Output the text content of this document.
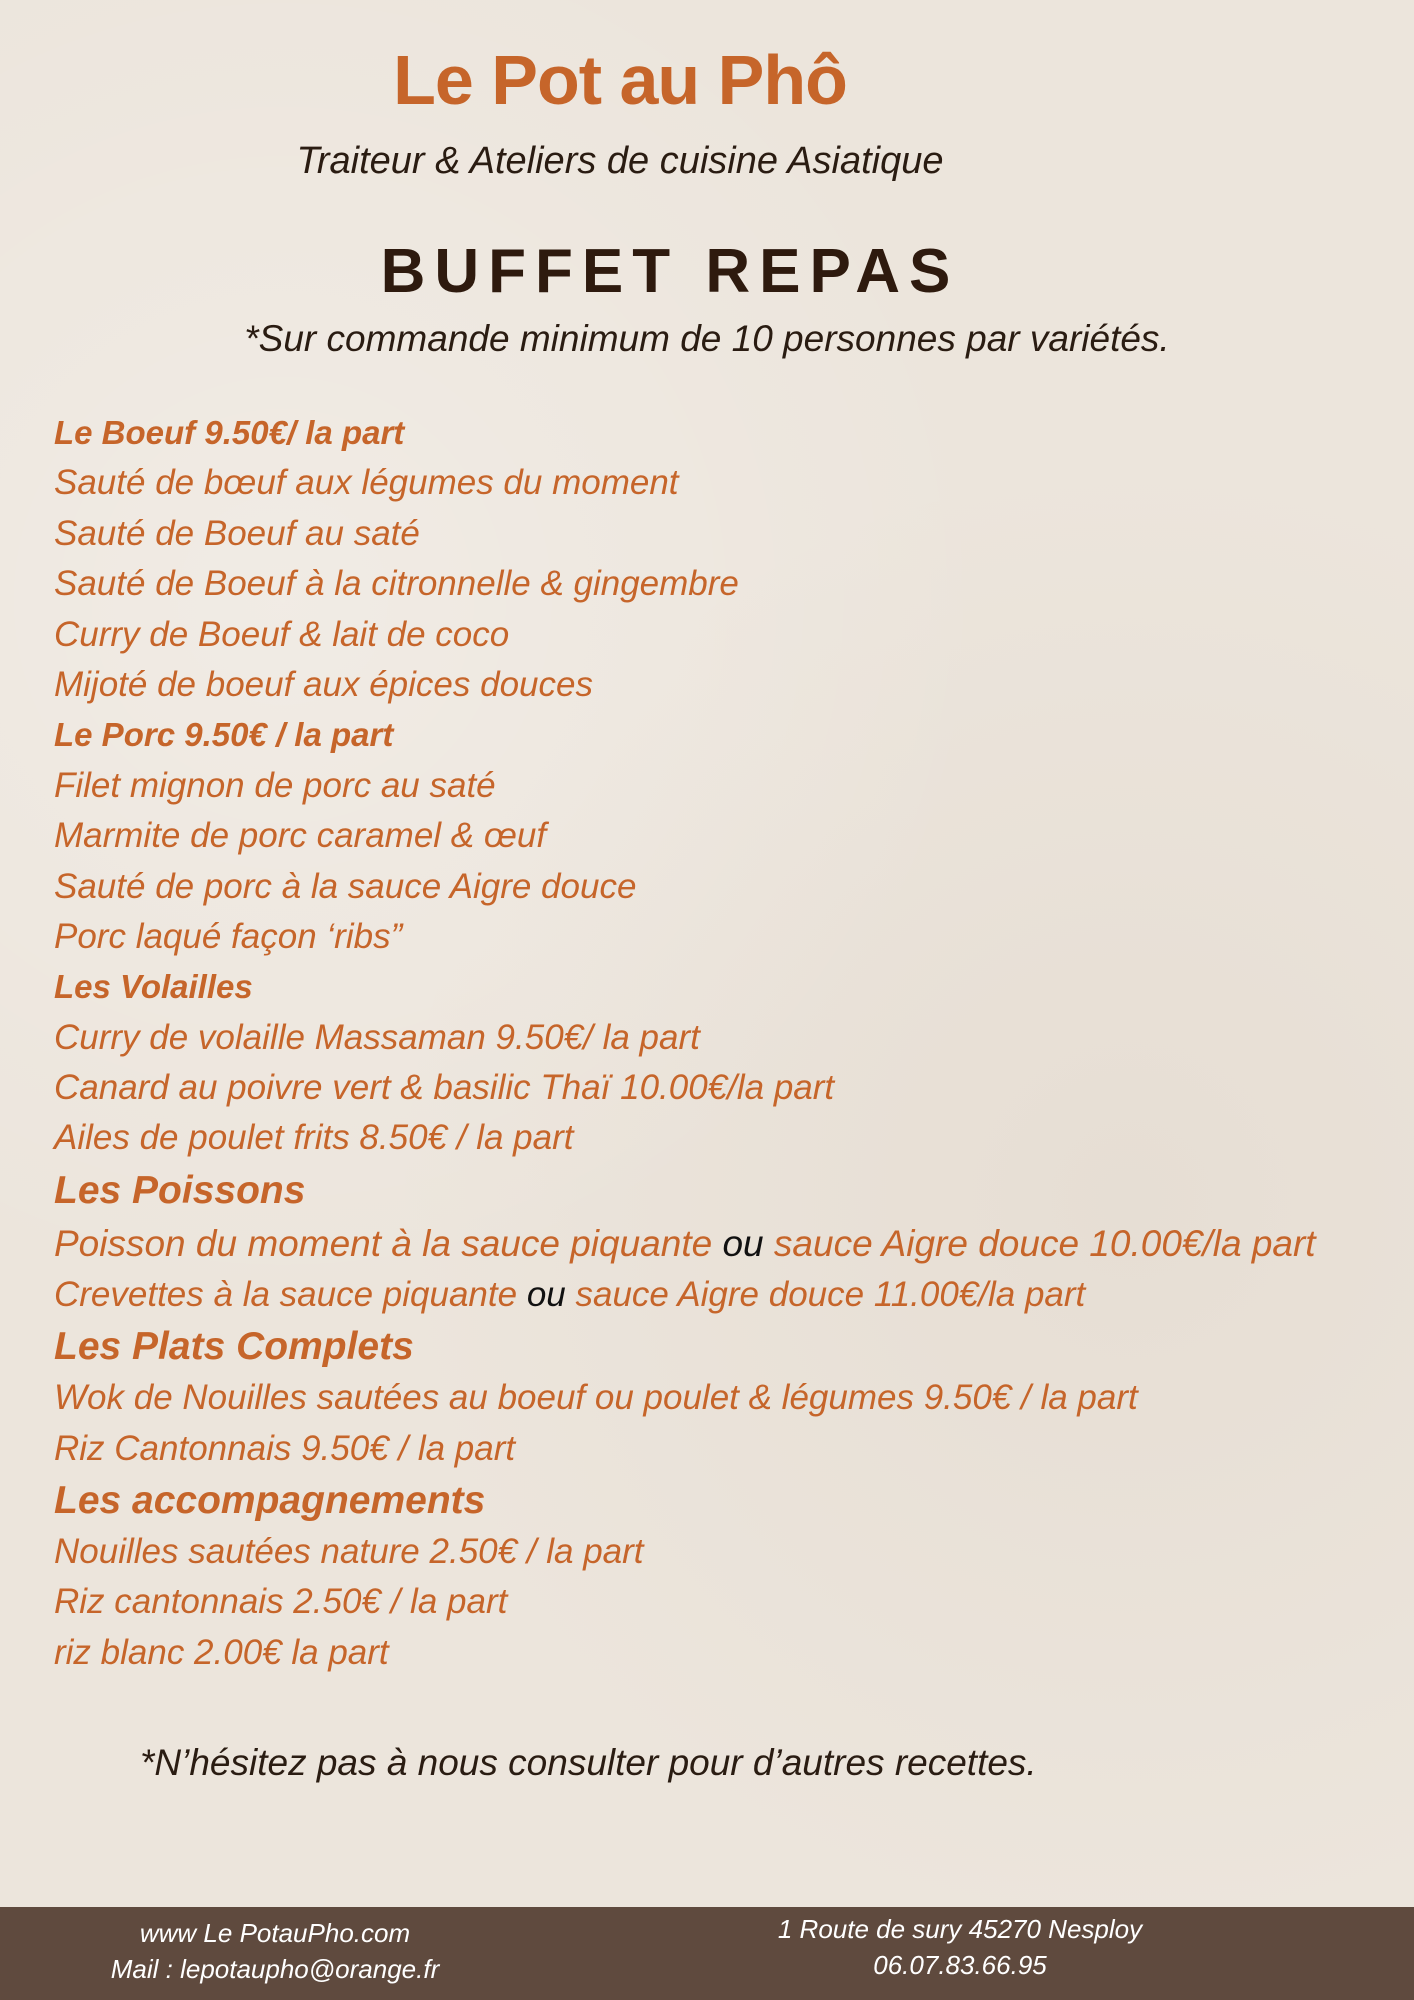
Le Pot au Phô
Traiteur & Ateliers de cuisine Asiatique
BUFFET REPAS
*Sur commande minimum de 10 personnes par variétés.
Le Boeuf 9.50€/ la part
Sauté de bœuf aux légumes du moment
Sauté de Boeuf au saté
Sauté de Boeuf à la citronnelle & gingembre
Curry de Boeuf & lait de coco
Mijoté de boeuf aux épices douces
Le Porc 9.50€ / la part
Filet mignon de porc au saté
Marmite de porc caramel & œuf
Sauté de porc à la sauce Aigre douce
Porc laqué façon ‘ribs”
Les Volailles
Curry de volaille Massaman 9.50€/ la part
Canard au poivre vert & basilic Thaï 10.00€/la part
Ailes de poulet frits 8.50€ / la part
Les Poissons
Poisson du moment à la sauce piquante ou sauce Aigre douce 10.00€/la part
Crevettes à la sauce piquante ou sauce Aigre douce 11.00€/la part
Les Plats Complets
Wok de Nouilles sautées au boeuf ou poulet & légumes 9.50€ / la part
Riz Cantonnais 9.50€ / la part
Les accompagnements
Nouilles sautées nature 2.50€ / la part
Riz cantonnais 2.50€ / la part
riz blanc 2.00€ la part
*N’hésitez pas à nous consulter pour d’autres recettes.
www Le PotauPho.com
Mail : lepotaupho@orange.fr
1 Route de sury 45270 Nesploy
06.07.83.66.95
